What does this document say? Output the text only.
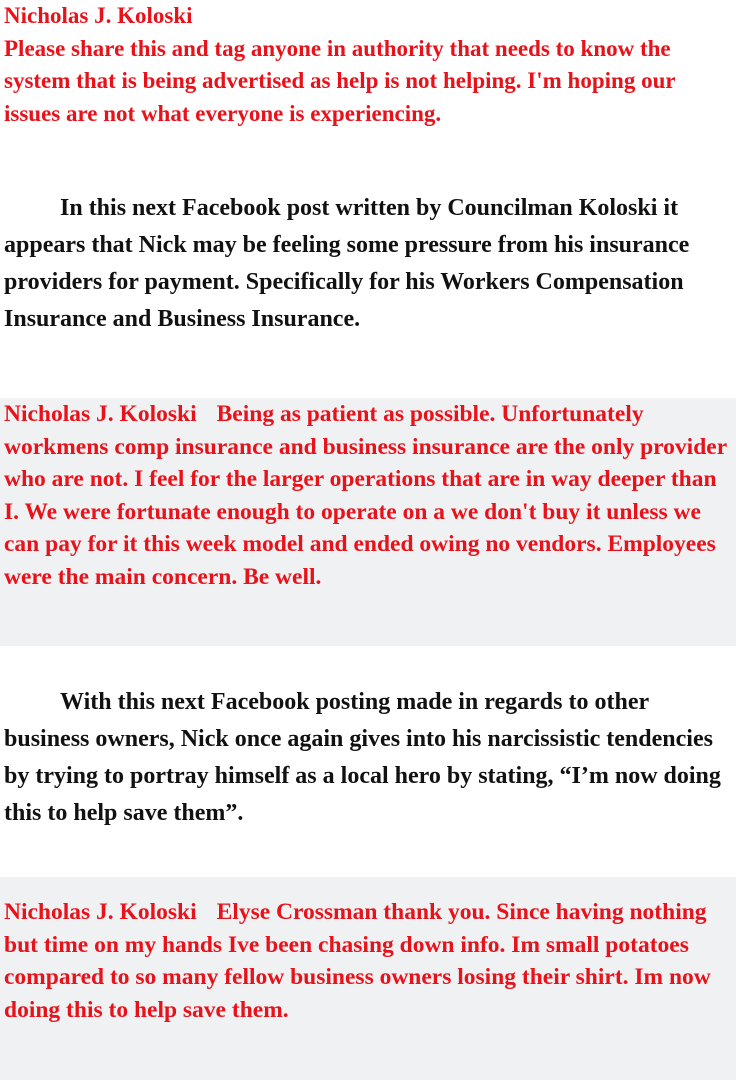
Nicholas J. Koloski
Please share this and tag anyone in authority that needs to know the system that is being advertised as help is not helping. I'm hoping our issues are not what everyone is experiencing.

In this next Facebook post written by Councilman Koloski it appears that Nick may be feeling some pressure from his insurance providers for payment. Specifically for his Workers Compensation Insurance and Business Insurance.

Nicholas J. Koloski Being as patient as possible. Unfortunately workmens comp insurance and business insurance are the only provider who are not. I feel for the larger operations that are in way deeper than I. We were fortunate enough to operate on a we don't buy it unless we can pay for it this week model and ended owing no vendors. Employees were the main concern. Be well.

With this next Facebook posting made in regards to other business owners, Nick once again gives into his narcissistic tendencies by trying to portray himself as a local hero by stating, “I’m now doing this to help save them”.

Nicholas J. Koloski Elyse Crossman thank you. Since having nothing but time on my hands Ive been chasing down info. Im small potatoes compared to so many fellow business owners losing their shirt. Im now doing this to help save them.
